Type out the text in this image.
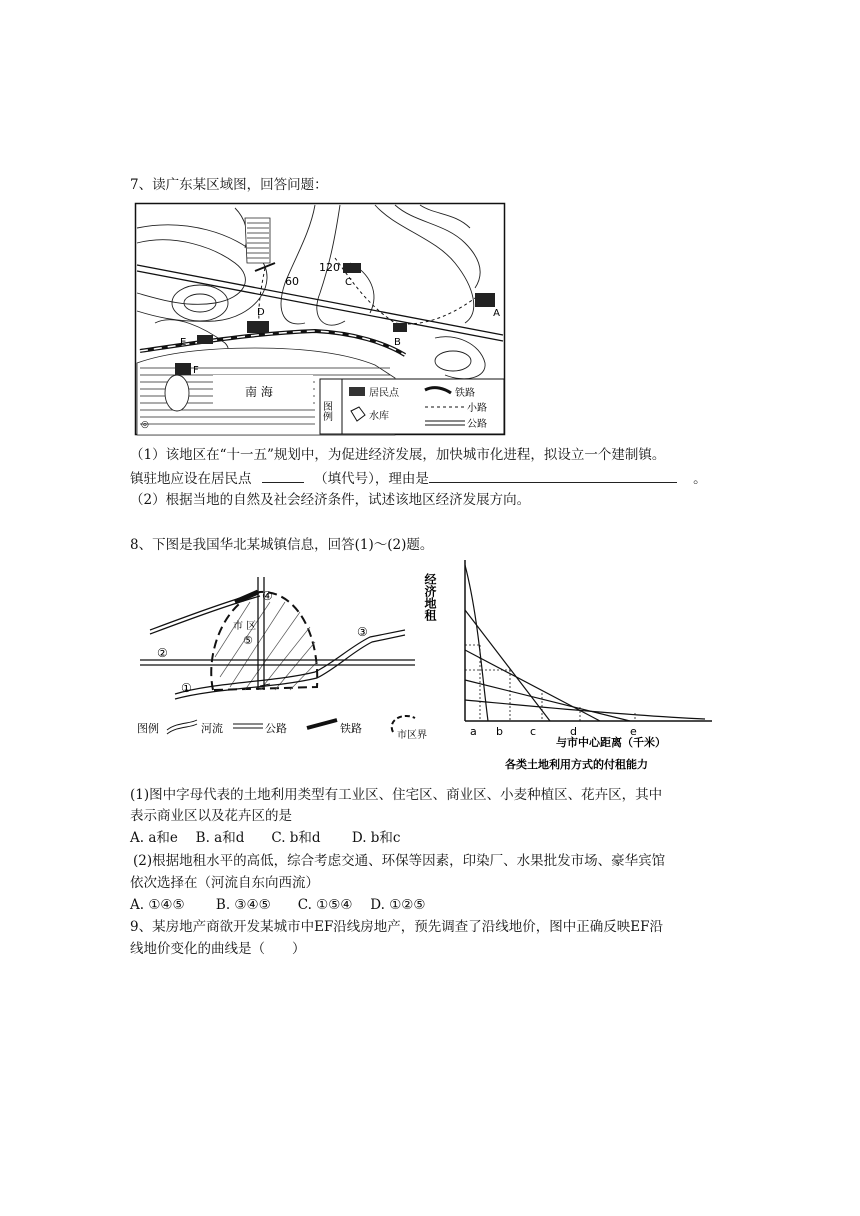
7、读广东某区域图，回答问题：
南 海
60
120
C
A
B
D
E
F
图例
居民点
水库
铁路
小路
公路
◎
（1）该地区在“十一五”规划中，为促进经济发展，加快城市化进程，拟设立一个建制镇。
镇驻地应设在居民点	（填代号），理由是	。
（2）根据当地的自然及社会经济条件，试述该地区经济发展方向。
8、下图是我国华北某城镇信息，回答(1)～(2)题。
④
⑤
市 区
②
③
①
图例	河流	公路	铁路
市区界
经济地租
a b c	d	e
与市中心距离（千米）
各类土地利用方式的付租能力
(1)图中字母代表的土地利用类型有工业区、住宅区、商业区、小麦种植区、花卉区，其中
表示商业区以及花卉区的是
A. a和e　 B. a和d　　C. b和d　　 D. b和c
(2)根据地租水平的高低，综合考虑交通、环保等因素，印染厂、水果批发市场、豪华宾馆
依次选择在（河流自东向西流）
A. ①④⑤　　 B. ③④⑤　　C. ①⑤④　 D. ①②⑤
9、某房地产商欲开发某城市中EF沿线房地产，预先调查了沿线地价，图中正确反映EF沿
线地价变化的曲线是（　　）
